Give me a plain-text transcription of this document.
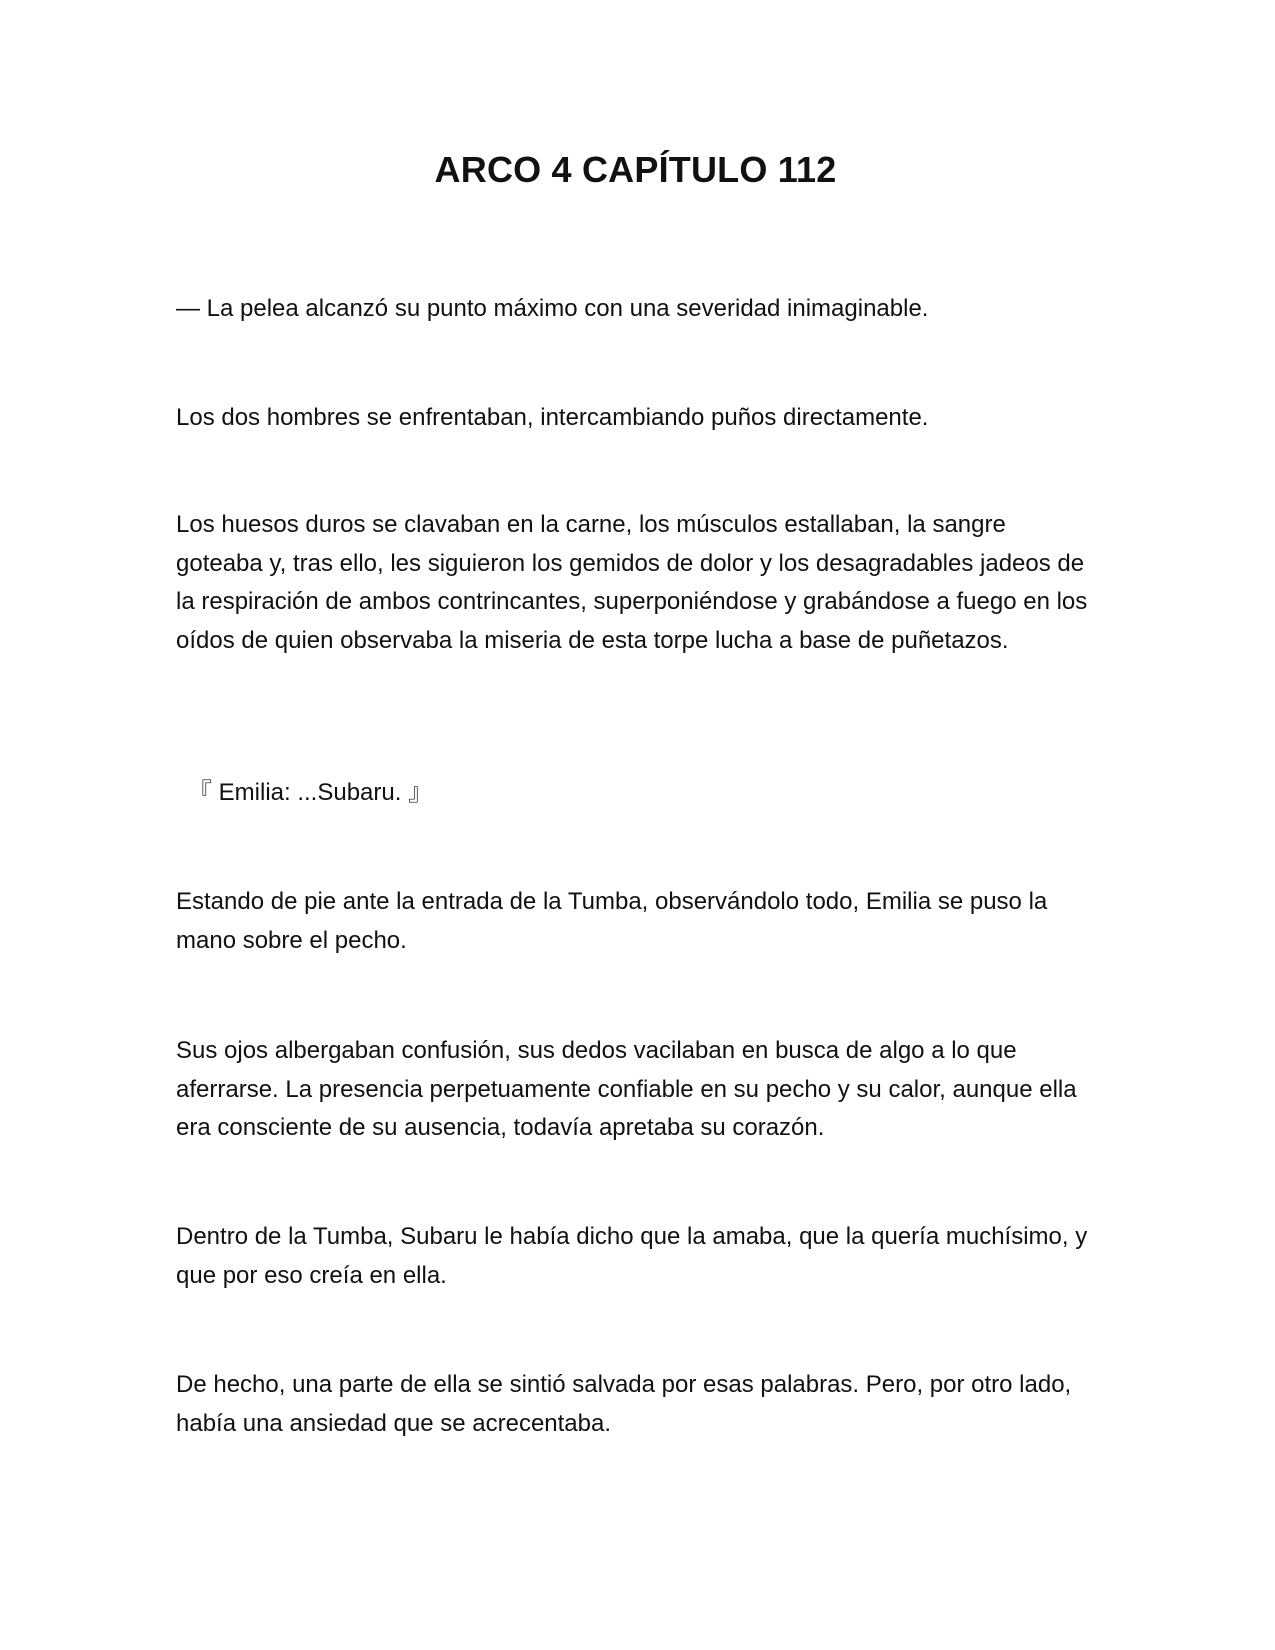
ARCO 4 CAPÍTULO 112

— La pelea alcanzó su punto máximo con una severidad inimaginable.

Los dos hombres se enfrentaban, intercambiando puños directamente.

Los huesos duros se clavaban en la carne, los músculos estallaban, la sangre goteaba y, tras ello, les siguieron los gemidos de dolor y los desagradables jadeos de la respiración de ambos contrincantes, superponiéndose y grabándose a fuego en los oídos de quien observaba la miseria de esta torpe lucha a base de puñetazos.

『 Emilia: ...Subaru. 』

Estando de pie ante la entrada de la Tumba, observándolo todo, Emilia se puso la mano sobre el pecho.

Sus ojos albergaban confusión, sus dedos vacilaban en busca de algo a lo que aferrarse. La presencia perpetuamente confiable en su pecho y su calor, aunque ella era consciente de su ausencia, todavía apretaba su corazón.

Dentro de la Tumba, Subaru le había dicho que la amaba, que la quería muchísimo, y que por eso creía en ella.

De hecho, una parte de ella se sintió salvada por esas palabras. Pero, por otro lado, había una ansiedad que se acrecentaba.
